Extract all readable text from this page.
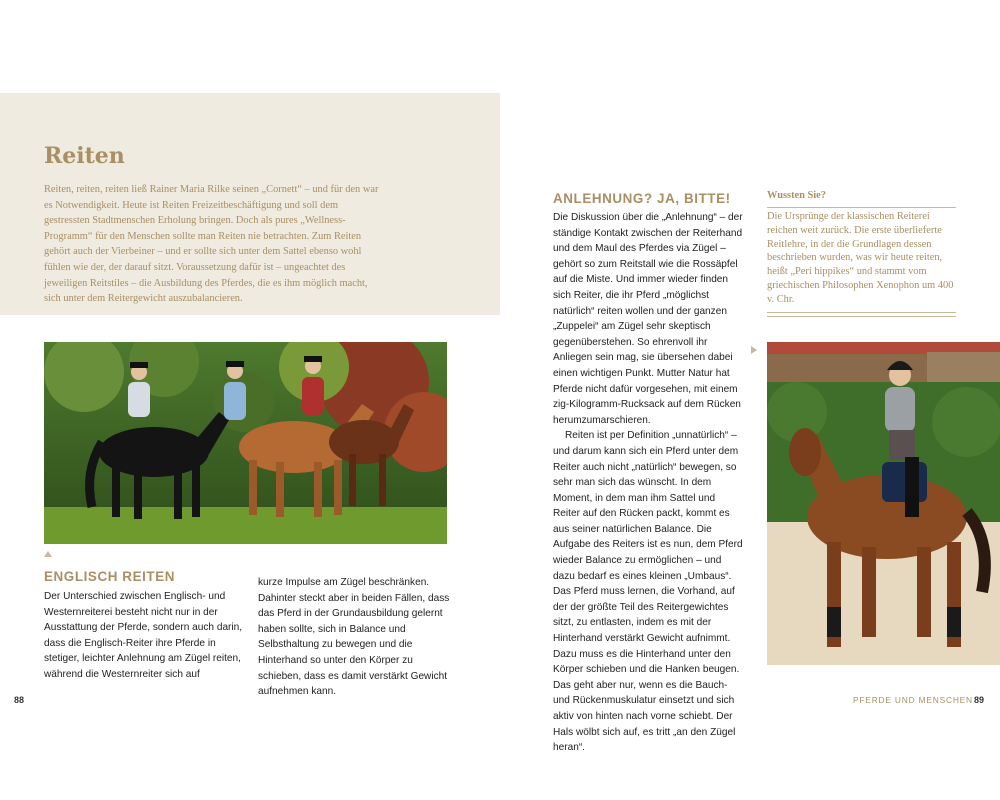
Reiten

Reiten, reiten, reiten ließ Rainer Maria Rilke seinen „Cornett“ – und für den war es Notwendigkeit. Heute ist Reiten Freizeitbeschäftigung und soll dem gestressten Stadtmenschen Erholung bringen. Doch als pures „Wellness-Programm“ für den Menschen sollte man Reiten nie betrachten. Zum Reiten gehört auch der Vierbeiner – und er sollte sich unter dem Sattel ebenso wohl fühlen wie der, der darauf sitzt. Voraussetzung dafür ist – ungeachtet des jeweiligen Reitstiles – die Ausbildung des Pferdes, die es ihm möglich macht, sich unter dem Reitergewicht auszubalancieren.

ENGLISCH REITEN

Der Unterschied zwischen Englisch- und Westernreiterei besteht nicht nur in der Ausstattung der Pferde, sondern auch darin, dass die Englisch-Reiter ihre Pferde in stetiger, leichter Anlehnung am Zügel reiten, während die Westernreiter sich auf

kurze Impulse am Zügel beschränken. Dahinter steckt aber in beiden Fällen, dass das Pferd in der Grundausbildung gelernt haben sollte, sich in Balance und Selbsthaltung zu bewegen und die Hinterhand so unter den Körper zu schieben, dass es damit verstärkt Gewicht aufnehmen kann.

ANLEHNUNG? JA, BITTE!

Die Diskussion über die „Anlehnung“ – der ständige Kontakt zwischen der Reiterhand und dem Maul des Pferdes via Zügel – gehört so zum Reitstall wie die Rossäpfel auf die Miste. Und immer wieder finden sich Reiter, die ihr Pferd „möglichst natürlich“ reiten wollen und der ganzen „Zuppelei“ am Zügel sehr skeptisch gegenüberstehen. So ehrenvoll ihr Anliegen sein mag, sie übersehen dabei einen wichtigen Punkt. Mutter Natur hat Pferde nicht dafür vorgesehen, mit einem zig-Kilogramm-Rucksack auf dem Rücken herumzumarschieren.

Reiten ist per Definition „unnatürlich“ – und darum kann sich ein Pferd unter dem Reiter auch nicht „natürlich“ bewegen, so sehr man sich das wünscht. In dem Moment, in dem man ihm Sattel und Reiter auf den Rücken packt, kommt es aus seiner natürlichen Balance. Die Aufgabe des Reiters ist es nun, dem Pferd wieder Balance zu ermöglichen – und dazu bedarf es eines kleinen „Umbaus“. Das Pferd muss lernen, die Vorhand, auf der der größte Teil des Reitergewichtes sitzt, zu entlasten, indem es mit der Hinterhand verstärkt Gewicht aufnimmt. Dazu muss es die Hinterhand unter den Körper schieben und die Hanken beugen. Das geht aber nur, wenn es die Bauch- und Rückenmuskulatur einsetzt und sich aktiv von hinten nach vorne schiebt. Der Hals wölbt sich auf, es tritt „an den Zügel heran“.

Wussten Sie?

Die Ursprünge der klassischen Reiterei reichen weit zurück. Die erste überlieferte Reitlehre, in der die Grundlagen dessen beschrieben wurden, was wir heute reiten, heißt „Peri hippikes“ und stammt vom griechischen Philosophen Xenophon um 400 v. Chr.

88	PFERDE UND MENSCHEN 89
